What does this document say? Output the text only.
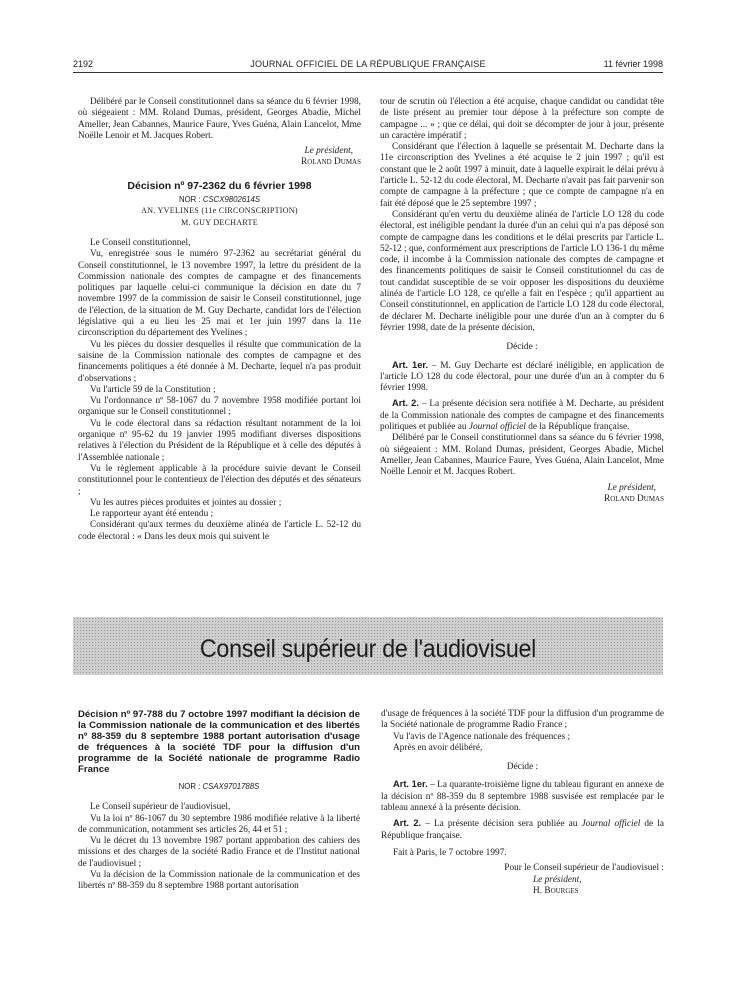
2192	JOURNAL OFFICIEL DE LA RÉPUBLIQUE FRANÇAISE	11 février 1998

Délibéré par le Conseil constitutionnel dans sa séance du 6 février 1998, où siégeaient : MM. Roland Dumas, président, Georges Abadie, Michel Ameller, Jean Cabannes, Maurice Faure, Yves Guéna, Alain Lancelot, Mme Noëlle Lenoir et M. Jacques Robert.

Le président,

Roland Dumas

Décision nº 97-2362 du 6 février 1998
NOR : CSCX9802614S
AN. YVELINES (11e CIRCONSCRIPTION)
M. GUY DECHARTE

Le Conseil constitutionnel,

Vu, enregistrée sous le numéro 97-2362 au secrétariat général du Conseil constitutionnel, le 13 novembre 1997, la lettre du président de la Commission nationale des comptes de campagne et des financements politiques par laquelle celui-ci communique la décision en date du 7 novembre 1997 de la commission de saisir le Conseil constitutionnel, juge de l'élection, de la situation de M. Guy Decharte, candidat lors de l'élection législative qui a eu lieu les 25 mai et 1er juin 1997 dans la 11e circonscription du département des Yvelines ;

Vu les pièces du dossier desquelles il résulte que communication de la saisine de la Commission nationale des comptes de campagne et des financements politiques a été donnée à M. Decharte, lequel n'a pas produit d'observations ;

Vu l'article 59 de la Constitution ;

Vu l'ordonnance nº 58-1067 du 7 novembre 1958 modifiée portant loi organique sur le Conseil constitutionnel ;

Vu le code électoral dans sa rédaction résultant notamment de la loi organique nº 95-62 du 19 janvier 1995 modifiant diverses dispositions relatives à l'élection du Président de la République et à celle des députés à l'Assemblée nationale ;

Vu le règlement applicable à la procédure suivie devant le Conseil constitutionnel pour le contentieux de l'élection des députés et des sénateurs ;

Vu les autres pièces produites et jointes au dossier ;

Le rapporteur ayant été entendu ;

Considérant qu'aux termes du deuxième alinéa de l'article L. 52-12 du code électoral : « Dans les deux mois qui suivent le

tour de scrutin où l'élection a été acquise, chaque candidat ou candidat tête de liste présent au premier tour dépose à la préfecture son compte de campagne ... » ; que ce délai, qui doit se décompter de jour à jour, présente un caractère impératif ;

Considérant que l'élection à laquelle se présentait M. Decharte dans la 11e circonscription des Yvelines a été acquise le 2 juin 1997 ; qu'il est constant que le 2 août 1997 à minuit, date à laquelle expirait le délai prévu à l'article L. 52-12 du code électoral, M. Decharte n'avait pas fait parvenir son compte de campagne à la préfecture ; que ce compte de campagne n'a en fait été déposé que le 25 septembre 1997 ;

Considérant qu'en vertu du deuxième alinéa de l'article LO 128 du code électoral, est inéligible pendant la durée d'un an celui qui n'a pas déposé son compte de campagne dans les conditions et le délai prescrits par l'article L. 52-12 ; que, conformément aux prescriptions de l'article LO 136-1 du même code, il incombe à la Commission nationale des comptes de campagne et des financements politiques de saisir le Conseil constitutionnel du cas de tout candidat susceptible de se voir opposer les dispositions du deuxième alinéa de l'article LO 128, ce qu'elle a fait en l'espèce ; qu'il appartient au Conseil constitutionnel, en application de l'article LO 128 du code électoral, de déclarer M. Decharte inéligible pour une durée d'un an à compter du 6 février 1998, date de la présente décision,

Décide :

Art. 1er. – M. Guy Decharte est déclaré inéligible, en application de l'article LO 128 du code électoral, pour une durée d'un an à compter du 6 février 1998.

Art. 2. – La présente décision sera notifiée à M. Decharte, au président de la Commission nationale des comptes de campagne et des financements politiques et publiée au Journal officiel de la République française.

Délibéré par le Conseil constitutionnel dans sa séance du 6 février 1998, où siégeaient : MM. Roland Dumas, président, Georges Abadie, Michel Ameller, Jean Cabannes, Maurice Faure, Yves Guéna, Alain Lancelot, Mme Noëlle Lenoir et M. Jacques Robert.

Le président,

Roland Dumas

Conseil supérieur de l'audiovisuel
Décision nº 97-788 du 7 octobre 1997 modifiant la décision de la Commission nationale de la communication et des libertés nº 88-359 du 8 septembre 1988 portant autorisation d'usage de fréquences à la société TDF pour la diffusion d'un programme de la Société nationale de programme Radio France
NOR : CSAX9701788S

Le Conseil supérieur de l'audiovisuel,

Vu la loi nº 86-1067 du 30 septembre 1986 modifiée relative à la liberté de communication, notamment ses articles 26, 44 et 51 ;

Vu le décret du 13 novembre 1987 portant approbation des cahiers des missions et des charges de la société Radio France et de l'Institut national de l'audiovisuel ;

Vu la décision de la Commission nationale de la communication et des libertés nº 88-359 du 8 septembre 1988 portant autorisation

d'usage de fréquences à la société TDF pour la diffusion d'un programme de la Société nationale de programme Radio France ;

Vu l'avis de l'Agence nationale des fréquences ;

Après en avoir délibéré,

Décide :

Art. 1er. – La quarante-troisième ligne du tableau figurant en annexe de la décision nº 88-359 du 8 septembre 1988 susvisée est remplacée par le tableau annexé à la présente décision.

Art. 2. – La présente décision sera publiée au Journal officiel de la République française.

Fait à Paris, le 7 octobre 1997.

Pour le Conseil supérieur de l'audiovisuel :

Le président,

H. Bourges
